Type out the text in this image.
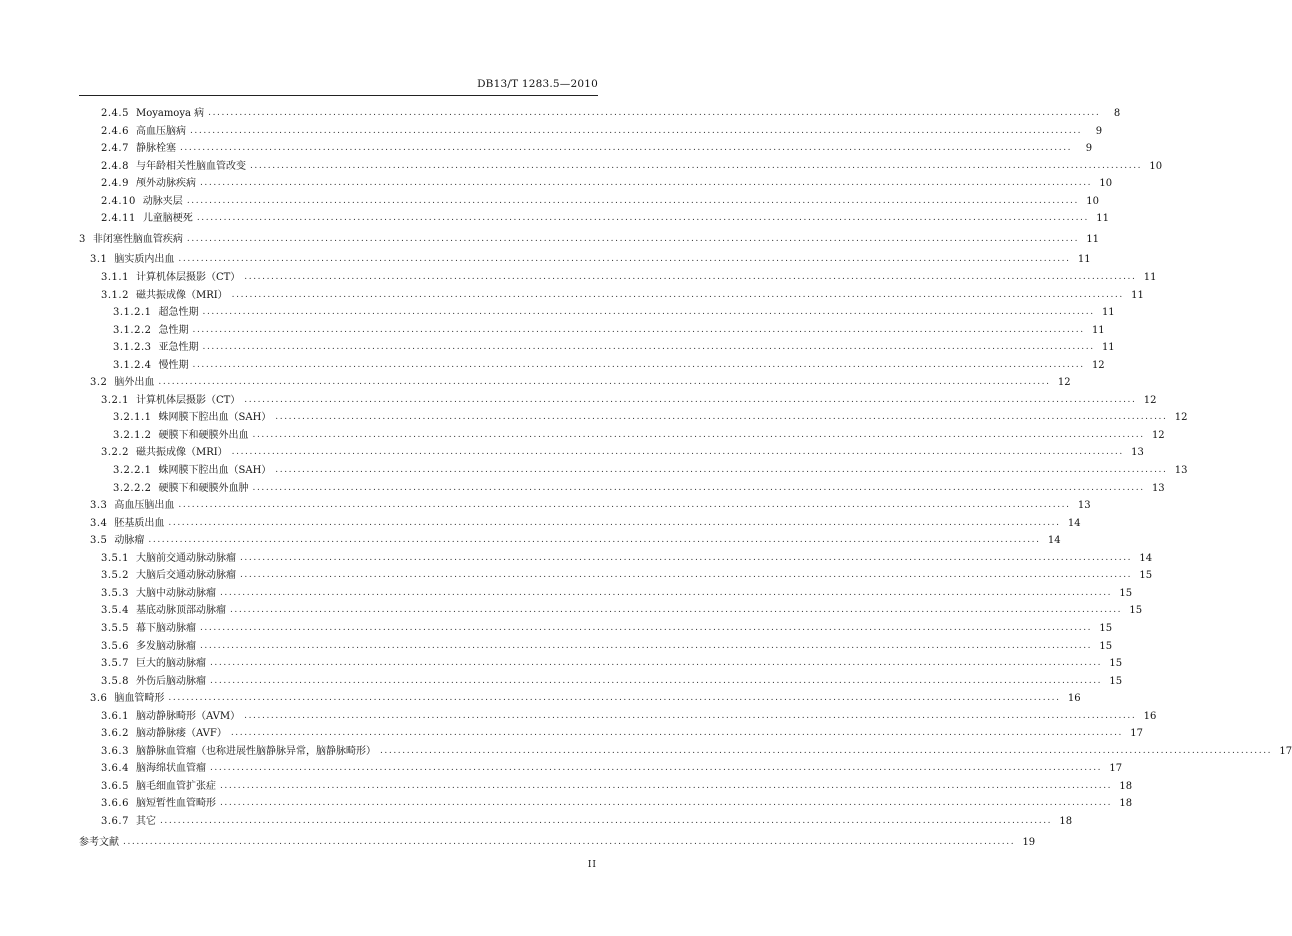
DB13/T 1283.5—2010
2.4.5 Moyamoya 病 ........................................................................................................................................................................................................	8
2.4.6 高血压脑病 ........................................................................................................................................................................................................	9
2.4.7 静脉栓塞 ........................................................................................................................................................................................................	9
2.4.8 与年龄相关性脑血管改变 ........................................................................................................................................................................................................ 10
2.4.9 颅外动脉疾病 ........................................................................................................................................................................................................ 10
2.4.10 动脉夹层 ........................................................................................................................................................................................................ 10
2.4.11 儿童脑梗死 ........................................................................................................................................................................................................ 11
3 非闭塞性脑血管疾病 ........................................................................................................................................................................................................ 11
3.1 脑实质内出血 ........................................................................................................................................................................................................ 11
3.1.1 计算机体层摄影（CT） ........................................................................................................................................................................................................ 11
3.1.2 磁共振成像（MRI） ........................................................................................................................................................................................................ 11
3.1.2.1 超急性期 ........................................................................................................................................................................................................ 11
3.1.2.2 急性期 ........................................................................................................................................................................................................ 11
3.1.2.3 亚急性期 ........................................................................................................................................................................................................ 11
3.1.2.4 慢性期 ........................................................................................................................................................................................................ 12
3.2 脑外出血 ........................................................................................................................................................................................................ 12
3.2.1 计算机体层摄影（CT） ........................................................................................................................................................................................................ 12
3.2.1.1 蛛网膜下腔出血（SAH） ........................................................................................................................................................................................................ 12
3.2.1.2 硬膜下和硬膜外出血 ........................................................................................................................................................................................................ 12
3.2.2 磁共振成像（MRI） ........................................................................................................................................................................................................ 13
3.2.2.1 蛛网膜下腔出血（SAH） ........................................................................................................................................................................................................ 13
3.2.2.2 硬膜下和硬膜外血肿 ........................................................................................................................................................................................................ 13
3.3 高血压脑出血 ........................................................................................................................................................................................................ 13
3.4 胚基质出血 ........................................................................................................................................................................................................ 14
3.5 动脉瘤 ........................................................................................................................................................................................................ 14
3.5.1 大脑前交通动脉动脉瘤 ........................................................................................................................................................................................................ 14
3.5.2 大脑后交通动脉动脉瘤 ........................................................................................................................................................................................................ 15
3.5.3 大脑中动脉动脉瘤 ........................................................................................................................................................................................................ 15
3.5.4 基底动脉顶部动脉瘤 ........................................................................................................................................................................................................ 15
3.5.5 幕下脑动脉瘤 ........................................................................................................................................................................................................ 15
3.5.6 多发脑动脉瘤 ........................................................................................................................................................................................................ 15
3.5.7 巨大的脑动脉瘤 ........................................................................................................................................................................................................ 15
3.5.8 外伤后脑动脉瘤 ........................................................................................................................................................................................................ 15
3.6 脑血管畸形 ........................................................................................................................................................................................................ 16
3.6.1 脑动静脉畸形（AVM） ........................................................................................................................................................................................................ 16
3.6.2 脑动静脉瘘（AVF） ........................................................................................................................................................................................................ 17
3.6.3 脑静脉血管瘤（也称进展性脑静脉异常，脑静脉畸形） ........................................................................................................................................................................................................ 17
3.6.4 脑海绵状血管瘤 ........................................................................................................................................................................................................ 17
3.6.5 脑毛细血管扩张症 ........................................................................................................................................................................................................ 18
3.6.6 脑短暂性血管畸形 ........................................................................................................................................................................................................ 18
3.6.7 其它 ........................................................................................................................................................................................................ 18
参考文献 ........................................................................................................................................................................................................ 19
II
